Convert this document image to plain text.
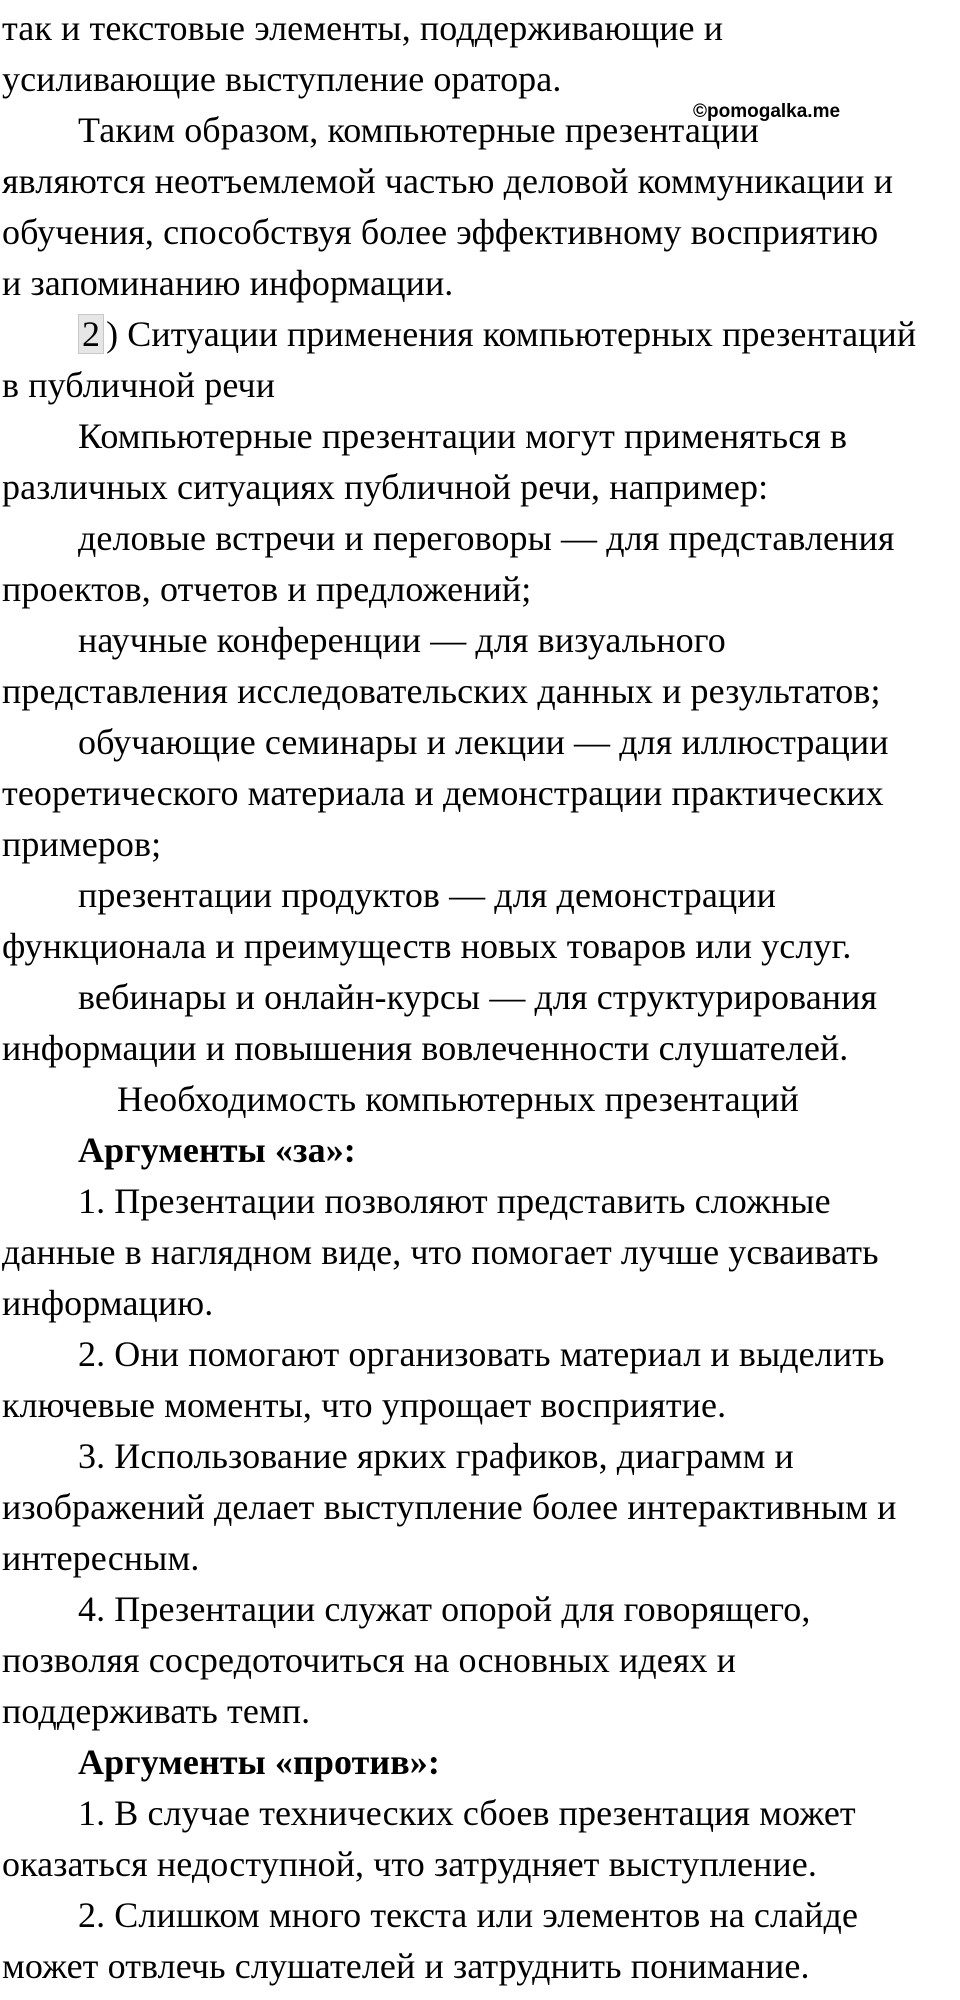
©pomogalka.me
так и текстовые элементы, поддерживающие и
усиливающие выступление оратора.
Таким образом, компьютерные презентации
являются неотъемлемой частью деловой коммуникации и
обучения, способствуя более эффективному восприятию
и запоминанию информации.
2 ) Ситуации применения компьютерных презентаций
в публичной речи
Компьютерные презентации могут применяться в
различных ситуациях публичной речи, например:
деловые встречи и переговоры — для представления
проектов, отчетов и предложений;
научные конференции — для визуального
представления исследовательских данных и результатов;
обучающие семинары и лекции — для иллюстрации
теоретического материала и демонстрации практических
примеров;
презентации продуктов — для демонстрации
функционала и преимуществ новых товаров или услуг.
вебинары и онлайн-курсы — для структурирования
информации и повышения вовлеченности слушателей.
Необходимость компьютерных презентаций
Аргументы «за»:
1. Презентации позволяют представить сложные
данные в наглядном виде, что помогает лучше усваивать
информацию.
2. Они помогают организовать материал и выделить
ключевые моменты, что упрощает восприятие.
3. Использование ярких графиков, диаграмм и
изображений делает выступление более интерактивным и
интересным.
4. Презентации служат опорой для говорящего,
позволяя сосредоточиться на основных идеях и
поддерживать темп.
Аргументы «против»:
1. В случае технических сбоев презентация может
оказаться недоступной, что затрудняет выступление.
2. Слишком много текста или элементов на слайде
может отвлечь слушателей и затруднить понимание.
